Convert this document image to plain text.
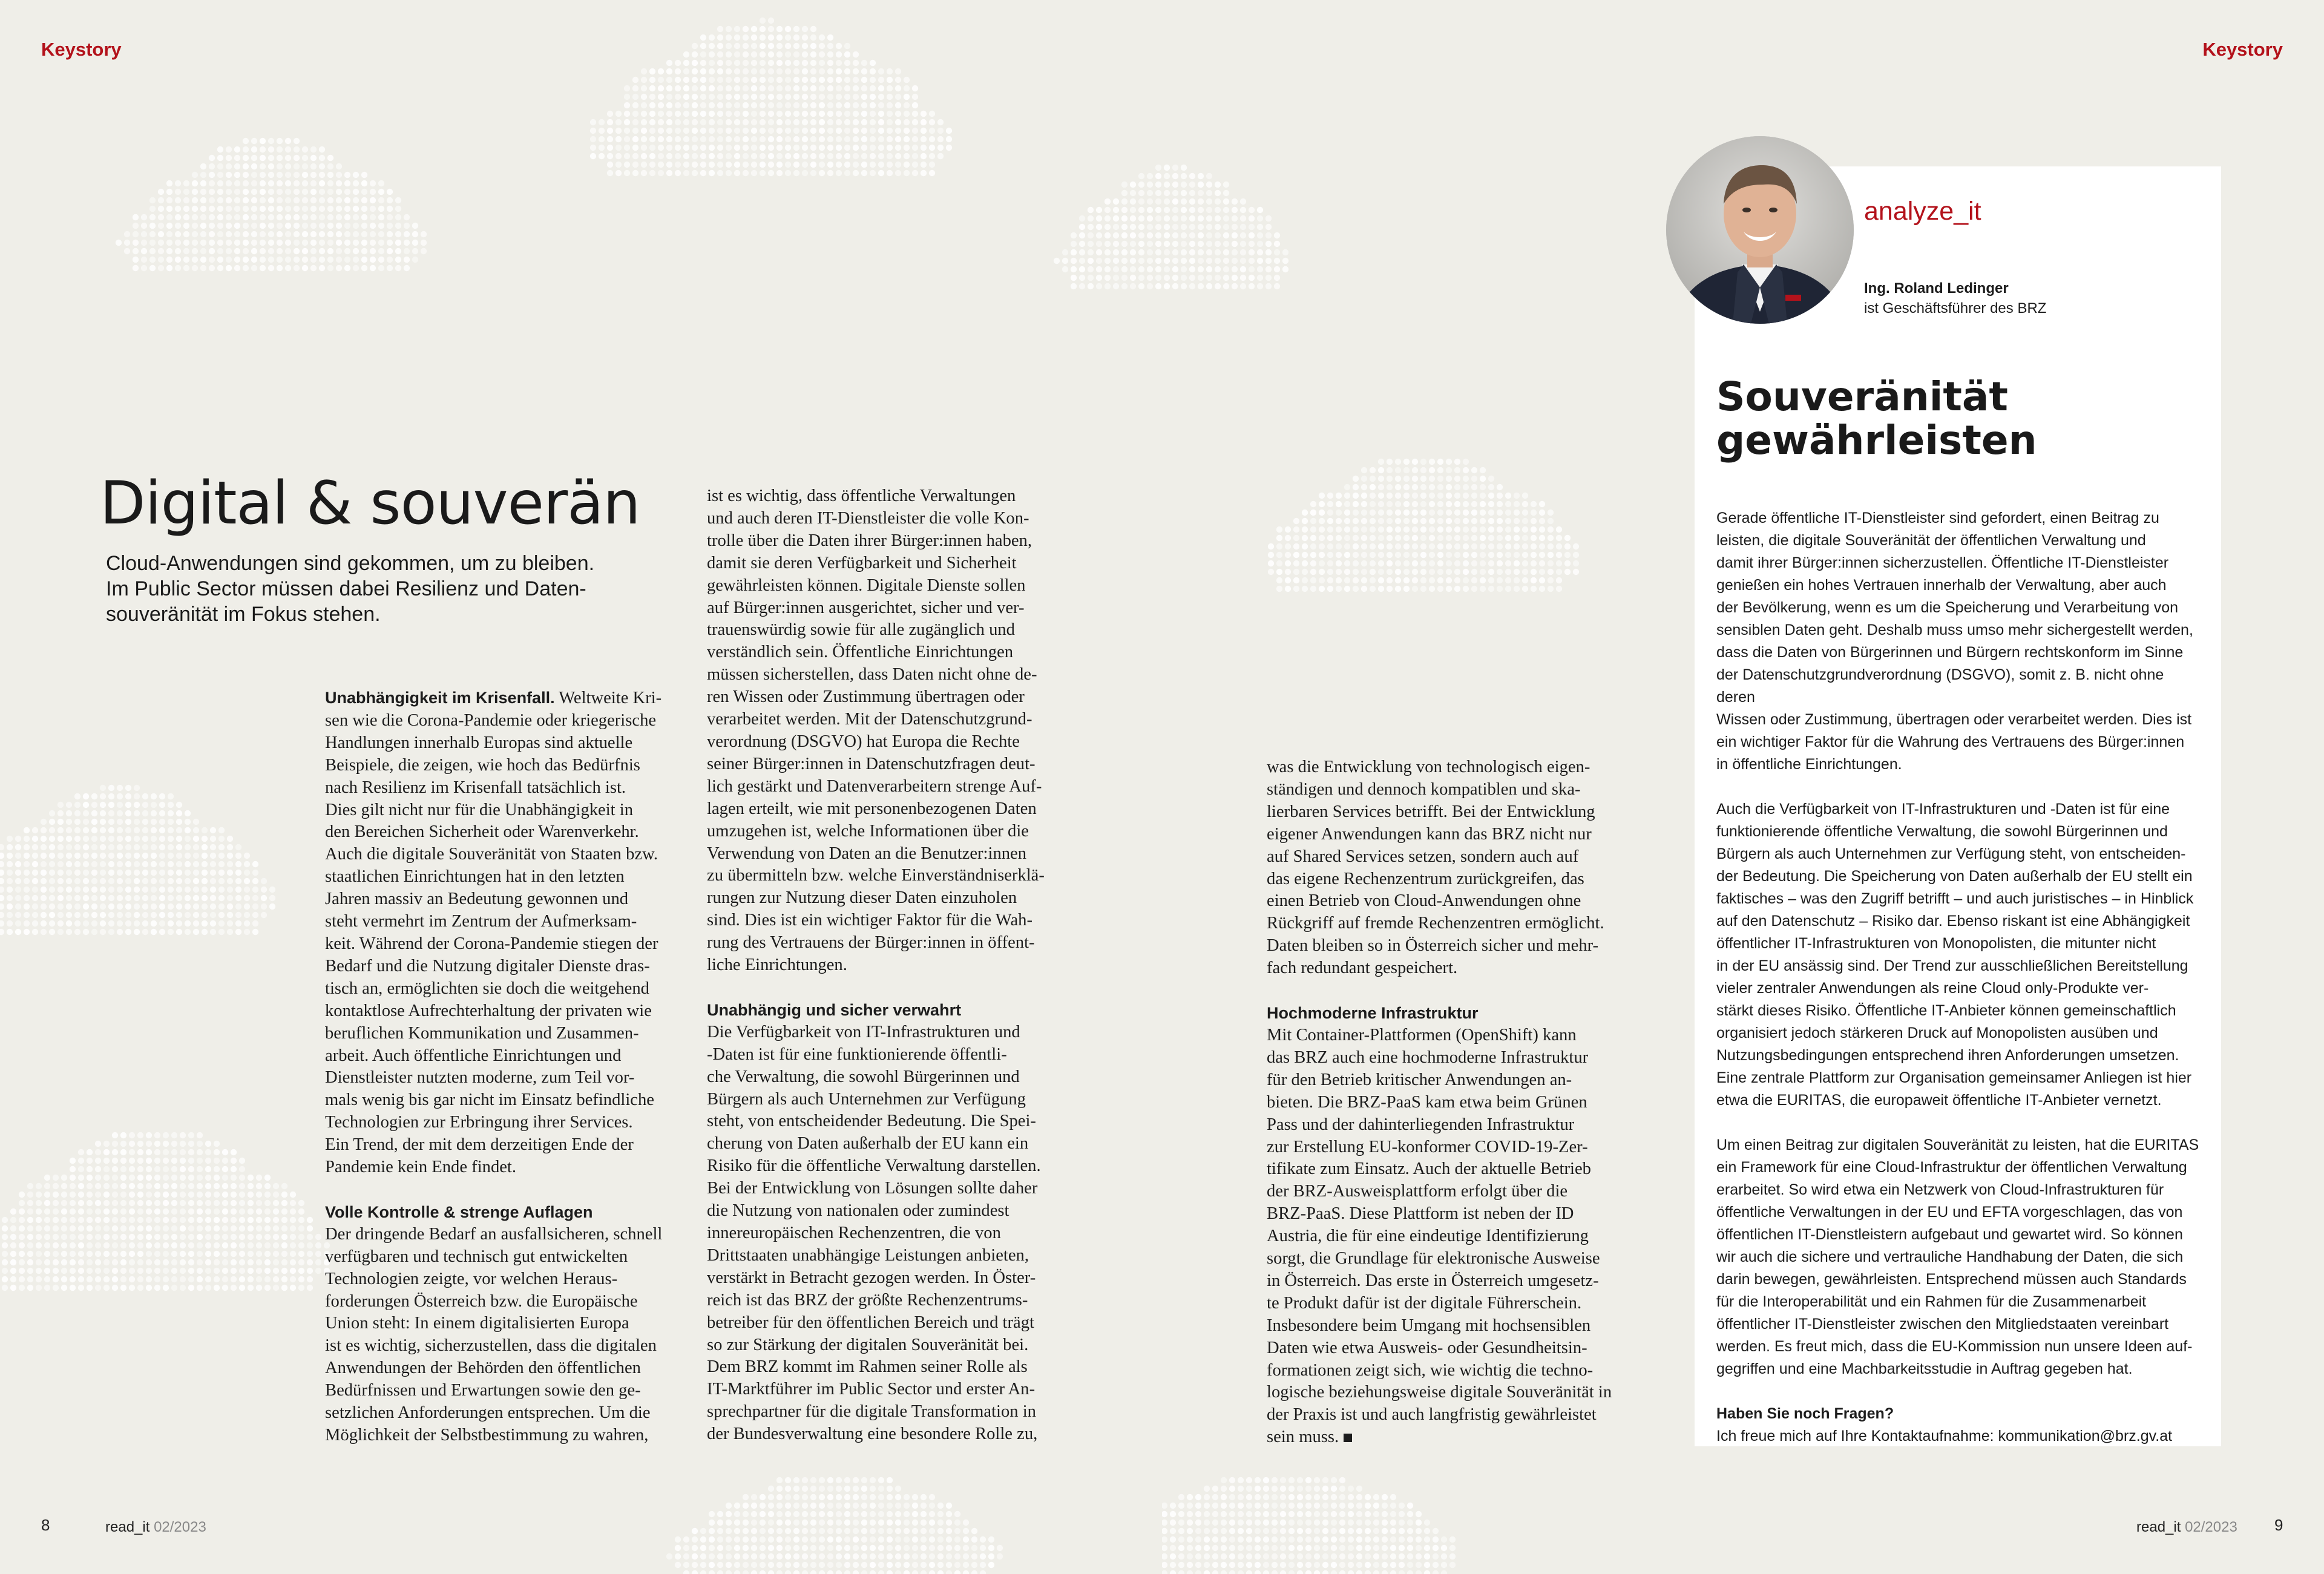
Keystory
Digital & souverän

Cloud-Anwendungen sind gekommen, um zu bleiben.
Im Public Sector müssen dabei Resilienz und Daten-
souveränität im Fokus stehen.

Unabhängigkeit im Krisenfall. Weltweite Kri-
sen wie die Corona-Pandemie oder kriegerische
Handlungen innerhalb Europas sind aktuelle
Beispiele, die zeigen, wie hoch das Bedürfnis
nach Resilienz im Krisenfall tatsächlich ist.
Dies gilt nicht nur für die Unabhängigkeit in
den Bereichen Sicherheit oder Warenverkehr.
Auch die digitale Souveränität von Staaten bzw.
staatlichen Einrichtungen hat in den letzten
Jahren massiv an Bedeutung gewonnen und
steht vermehrt im Zentrum der Aufmerksam-
keit. Während der Corona-Pandemie stiegen der
Bedarf und die Nutzung digitaler Dienste dras-
tisch an, ermöglichten sie doch die weitgehend
kontaktlose Aufrechterhaltung der privaten wie
beruflichen Kommunikation und Zusammen-
arbeit. Auch öffentliche Einrichtungen und
Dienstleister nutzten moderne, zum Teil vor-
mals wenig bis gar nicht im Einsatz befindliche
Technologien zur Erbringung ihrer Services.
Ein Trend, der mit dem derzeitigen Ende der
Pandemie kein Ende findet.
Volle Kontrolle & strenge Auflagen
Der dringende Bedarf an ausfallsicheren, schnell
verfügbaren und technisch gut entwickelten
Technologien zeigte, vor welchen Heraus-
forderungen Österreich bzw. die Europäische
Union steht: In einem digitalisierten Europa
ist es wichtig, sicherzustellen, dass die digitalen
Anwendungen der Behörden den öffentlichen
Bedürfnissen und Erwartungen sowie den ge-
setzlichen Anforderungen entsprechen. Um die
Möglichkeit der Selbstbestimmung zu wahren,
ist es wichtig, dass öffentliche Verwaltungen
und auch deren IT-Dienstleister die volle Kon-
trolle über die Daten ihrer Bürger:innen haben,
damit sie deren Verfügbarkeit und Sicherheit
gewährleisten können. Digitale Dienste sollen
auf Bürger:innen ausgerichtet, sicher und ver-
trauenswürdig sowie für alle zugänglich und
verständlich sein. Öffentliche Einrichtungen
müssen sicherstellen, dass Daten nicht ohne de-
ren Wissen oder Zustimmung übertragen oder
verarbeitet werden. Mit der Datenschutzgrund-
verordnung (DSGVO) hat Europa die Rechte
seiner Bürger:innen in Datenschutzfragen deut-
lich gestärkt und Datenverarbeitern strenge Auf-
lagen erteilt, wie mit personenbezogenen Daten
umzugehen ist, welche Informationen über die
Verwendung von Daten an die Benutzer:innen
zu übermitteln bzw. welche Einverständniserklä-
rungen zur Nutzung dieser Daten einzuholen
sind. Dies ist ein wichtiger Faktor für die Wah-
rung des Vertrauens der Bürger:innen in öffent-
liche Einrichtungen.
Unabhängig und sicher verwahrt
Die Verfügbarkeit von IT-Infrastrukturen und
-Daten ist für eine funktionierende öffentli-
che Verwaltung, die sowohl Bürgerinnen und
Bürgern als auch Unternehmen zur Verfügung
steht, von entscheidender Bedeutung. Die Spei-
cherung von Daten außerhalb der EU kann ein
Risiko für die öffentliche Verwaltung darstellen.
Bei der Entwicklung von Lösungen sollte daher
die Nutzung von nationalen oder zumindest
innereuropäischen Rechenzentren, die von
Drittstaaten unabhängige Leistungen anbieten,
verstärkt in Betracht gezogen werden. In Öster-
reich ist das BRZ der größte Rechenzentrums-
betreiber für den öffentlichen Bereich und trägt
so zur Stärkung der digitalen Souveränität bei.
Dem BRZ kommt im Rahmen seiner Rolle als
IT-Marktführer im Public Sector und erster An-
sprechpartner für die digitale Transformation in
der Bundesverwaltung eine besondere Rolle zu,
8	read_it 02/2023
Keystory
was die Entwicklung von technologisch eigen-
ständigen und dennoch kompatiblen und ska-
lierbaren Services betrifft. Bei der Entwicklung
eigener Anwendungen kann das BRZ nicht nur
auf Shared Services setzen, sondern auch auf
das eigene Rechenzentrum zurückgreifen, das
einen Betrieb von Cloud-Anwendungen ohne
Rückgriff auf fremde Rechenzentren ermöglicht.
Daten bleiben so in Österreich sicher und mehr-
fach redundant gespeichert.
Hochmoderne Infrastruktur
Mit Container-Plattformen (OpenShift) kann
das BRZ auch eine hochmoderne Infrastruktur
für den Betrieb kritischer Anwendungen an-
bieten. Die BRZ-PaaS kam etwa beim Grünen
Pass und der dahinterliegenden Infrastruktur
zur Erstellung EU-konformer COVID-19-Zer-
tifikate zum Einsatz. Auch der aktuelle Betrieb
der BRZ-Ausweisplattform erfolgt über die
BRZ-PaaS. Diese Plattform ist neben der ID
Austria, die für eine eindeutige Identifizierung
sorgt, die Grundlage für elektronische Ausweise
in Österreich. Das erste in Österreich umgesetz-
te Produkt dafür ist der digitale Führerschein.
Insbesondere beim Umgang mit hochsensiblen
Daten wie etwa Ausweis- oder Gesundheitsin-
formationen zeigt sich, wie wichtig die techno-
logische beziehungsweise digitale Souveränität in
der Praxis ist und auch langfristig gewährleistet
sein muss.
analyze_it
Ing. Roland Ledinger
ist Geschäftsführer des BRZ
Souveränität
gewährleisten

Gerade öffentliche IT-Dienstleister sind gefordert, einen Beitrag zu
leisten, die digitale Souveränität der öffentlichen Verwaltung und
damit ihrer Bürger:innen sicherzustellen. Öffentliche IT-Dienstleister
genießen ein hohes Vertrauen innerhalb der Verwaltung, aber auch
der Bevölkerung, wenn es um die Speicherung und Verarbeitung von
sensiblen Daten geht. Deshalb muss umso mehr sichergestellt werden,
dass die Daten von Bürgerinnen und Bürgern rechtskonform im Sinne
der Datenschutzgrundverordnung (DSGVO), somit z. B. nicht ohne deren
Wissen oder Zustimmung, übertragen oder verarbeitet werden. Dies ist
ein wichtiger Faktor für die Wahrung des Vertrauens des Bürger:innen
in öffentliche Einrichtungen.

Auch die Verfügbarkeit von IT-Infrastrukturen und -Daten ist für eine
funktionierende öffentliche Verwaltung, die sowohl Bürgerinnen und
Bürgern als auch Unternehmen zur Verfügung steht, von entscheiden-
der Bedeutung. Die Speicherung von Daten außerhalb der EU stellt ein
faktisches – was den Zugriff betrifft – und auch juristisches – in Hinblick
auf den Datenschutz – Risiko dar. Ebenso riskant ist eine Abhängigkeit
öffentlicher IT-Infrastrukturen von Monopolisten, die mitunter nicht
in der EU ansässig sind. Der Trend zur ausschließlichen Bereitstellung
vieler zentraler Anwendungen als reine Cloud only-Produkte ver-
stärkt dieses Risiko. Öffentliche IT-Anbieter können gemeinschaftlich
organisiert jedoch stärkeren Druck auf Monopolisten ausüben und
Nutzungsbedingungen entsprechend ihren Anforderungen umsetzen.
Eine zentrale Plattform zur Organisation gemeinsamer Anliegen ist hier
etwa die EURITAS, die europaweit öffentliche IT-Anbieter vernetzt.

Um einen Beitrag zur digitalen Souveränität zu leisten, hat die EURITAS
ein Framework für eine Cloud-Infrastruktur der öffentlichen Verwaltung
erarbeitet. So wird etwa ein Netzwerk von Cloud-Infrastrukturen für
öffentliche Verwaltungen in der EU und EFTA vorgeschlagen, das von
öffentlichen IT-Dienstleistern aufgebaut und gewartet wird. So können
wir auch die sichere und vertrauliche Handhabung der Daten, die sich
darin bewegen, gewährleisten. Entsprechend müssen auch Standards
für die Interoperabilität und ein Rahmen für die Zusammenarbeit
öffentlicher IT-Dienstleister zwischen den Mitgliedstaaten vereinbart
werden. Es freut mich, dass die EU-Kommission nun unsere Ideen auf-
gegriffen und eine Machbarkeitsstudie in Auftrag gegeben hat.

Haben Sie noch Fragen?

Ich freue mich auf Ihre Kontaktaufnahme: kommunikation@brz.gv.at

read_it 02/2023 9
